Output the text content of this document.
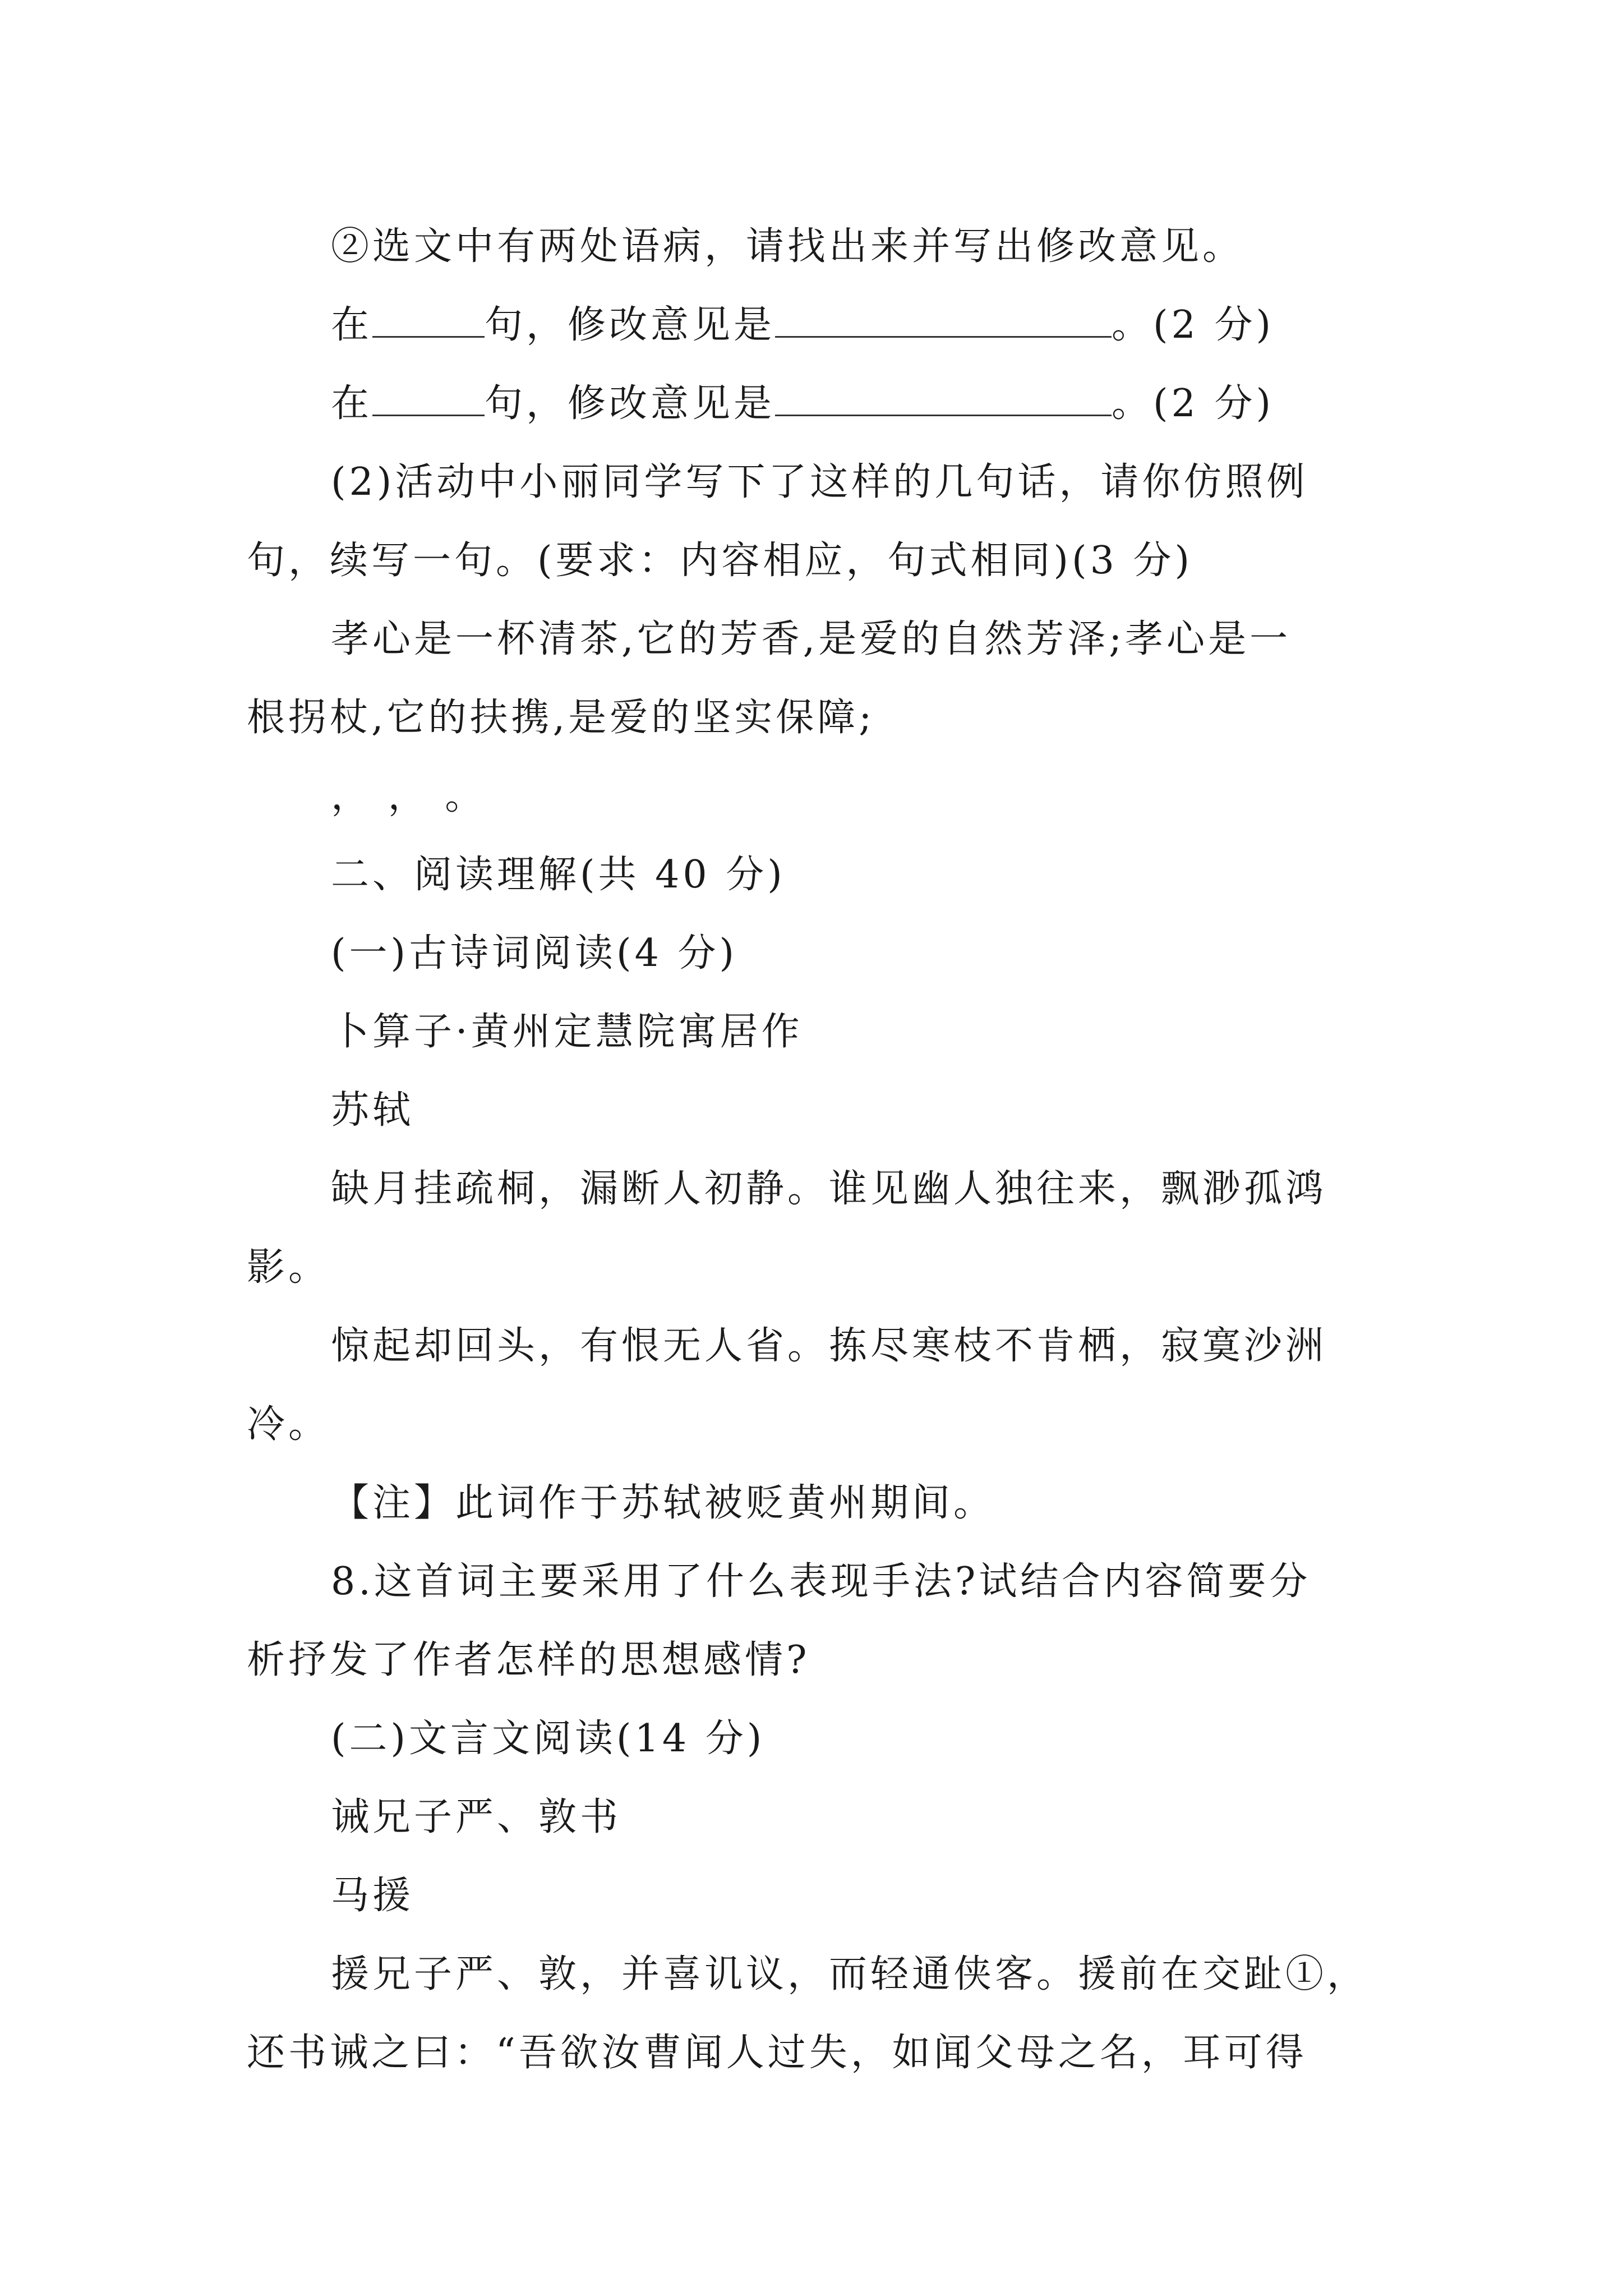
②选文中有两处语病，请找出来并写出修改意见。
在	句，修改意见是	。(2 分)
在	句，修改意见是	。(2 分)
(2)活动中小丽同学写下了这样的几句话，请你仿照例
句，续写一句。(要求：内容相应，句式相同)(3 分)
孝心是一杯清茶,它的芳香,是爱的自然芳泽;孝心是一
根拐杖,它的扶携,是爱的坚实保障;
， ， 。
二、阅读理解(共 40 分)
(一)古诗词阅读(4 分)
卜算子·黄州定慧院寓居作
苏轼
缺月挂疏桐，漏断人初静。谁见幽人独往来，飘渺孤鸿
影。
惊起却回头，有恨无人省。拣尽寒枝不肯栖，寂寞沙洲
冷。
【注】此词作于苏轼被贬黄州期间。
8.这首词主要采用了什么表现手法?试结合内容简要分
析抒发了作者怎样的思想感情?
(二)文言文阅读(14 分)
诫兄子严、敦书
马援
援兄子严、敦，并喜讥议，而轻通侠客。援前在交趾①，
还书诫之曰：“吾欲汝曹闻人过失，如闻父母之名，耳可得
